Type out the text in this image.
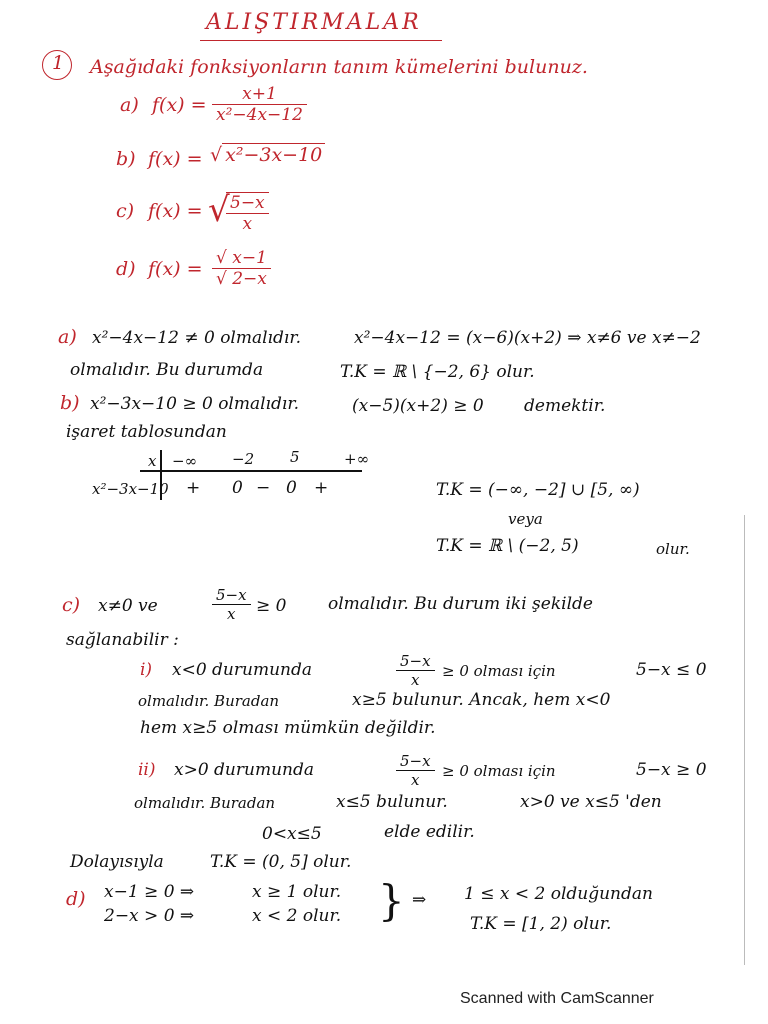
ALIŞTIRMALAR
1 Aşağıdaki fonksiyonların tanım kümelerini bulunuz.
a) f(x) = x+1
x²−4x−12
b) f(x) = √ x²−3x−10
c) f(x) = √ 5−x
x
d) f(x) = √ x−1
√ 2−x
a) x²−4x−12 ≠ 0 olmalıdır.	x²−4x−12 = (x−6)(x+2) ⇒ x≠6 ve x≠−2
olmalıdır. Bu durumda	T.K = ℝ \ {−2, 6} olur.
b) x²−3x−10 ≥ 0 olmalıdır.	(x−5)(x+2) ≥ 0 demektir.
işaret tablosundan
x −∞ −2 5	+∞
x²−3x−10 + 0 − 0 +	T.K = (−∞, −2] ∪ [5, ∞)
veya
T.K = ℝ \ (−2, 5)	olur.
c) x≠0 ve
5−x
x ≥ 0 olmalıdır. Bu durum iki şekilde
sağlanabilir :
i) x<0 durumunda	5−x
x ≥ 0 olması için	5−x ≤ 0
olmalıdır. Buradan	x≥5 bulunur. Ancak, hem x<0
hem x≥5 olması mümkün değildir.
ii) x>0 durumunda	5−x
x ≥ 0 olması için	5−x ≥ 0
olmalıdır. Buradan	x≤5 bulunur.	x>0 ve x≤5 'den
0<x≤5	elde edilir.
Dolayısıyla	T.K = (0, 5] olur.
d) x−1 ≥ 0 ⇒	x ≥ 1 olur.
2−x > 0 ⇒	x < 2 olur. } ⇒ 1 ≤ x < 2 olduğundan
T.K = [1, 2) olur.
Scanned with CamScanner
